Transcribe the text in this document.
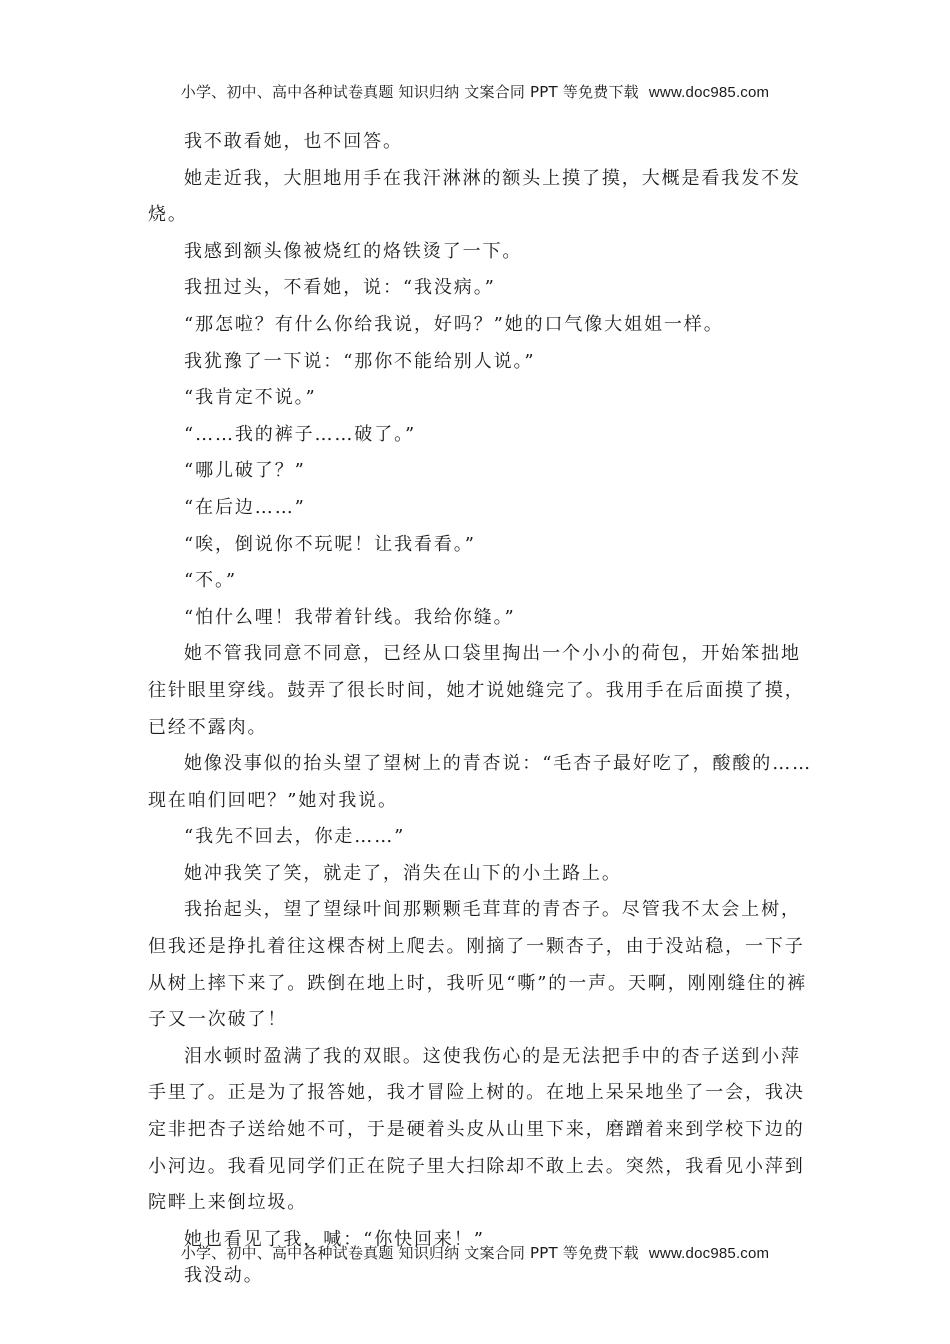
小学、初中、高中各种试卷真题 知识归纳 文案合同 PPT 等免费下载 www.doc985.com

我不敢看她，也不回答。

她走近我，大胆地用手在我汗淋淋的额头上摸了摸，大概是看我发不发烧。

我感到额头像被烧红的烙铁烫了一下。

我扭过头，不看她，说：“我没病。”

“那怎啦？有什么你给我说，好吗？”她的口气像大姐姐一样。

我犹豫了一下说：“那你不能给别人说。”

“我肯定不说。”

“……我的裤子……破了。”

“哪儿破了？”

“在后边……”

“唉，倒说你不玩呢！让我看看。”

“不。”

“怕什么哩！我带着针线。我给你缝。”

她不管我同意不同意，已经从口袋里掏出一个小小的荷包，开始笨拙地往针眼里穿线。鼓弄了很长时间，她才说她缝完了。我用手在后面摸了摸，已经不露肉。

她像没事似的抬头望了望树上的青杏说：“毛杏子最好吃了，酸酸的……现在咱们回吧？”她对我说。

“我先不回去，你走……”

她冲我笑了笑，就走了，消失在山下的小土路上。

我抬起头，望了望绿叶间那颗颗毛茸茸的青杏子。尽管我不太会上树，但我还是挣扎着往这棵杏树上爬去。刚摘了一颗杏子，由于没站稳，一下子从树上摔下来了。跌倒在地上时，我听见“嘶”的一声。天啊，刚刚缝住的裤子又一次破了！

泪水顿时盈满了我的双眼。这使我伤心的是无法把手中的杏子送到小萍手里了。正是为了报答她，我才冒险上树的。在地上呆呆地坐了一会，我决定非把杏子送给她不可，于是硬着头皮从山里下来，磨蹭着来到学校下边的小河边。我看见同学们正在院子里大扫除却不敢上去。突然，我看见小萍到院畔上来倒垃圾。

她也看见了我，喊：“你快回来！”

我没动。

小学、初中、高中各种试卷真题 知识归纳 文案合同 PPT 等免费下载 www.doc985.com
